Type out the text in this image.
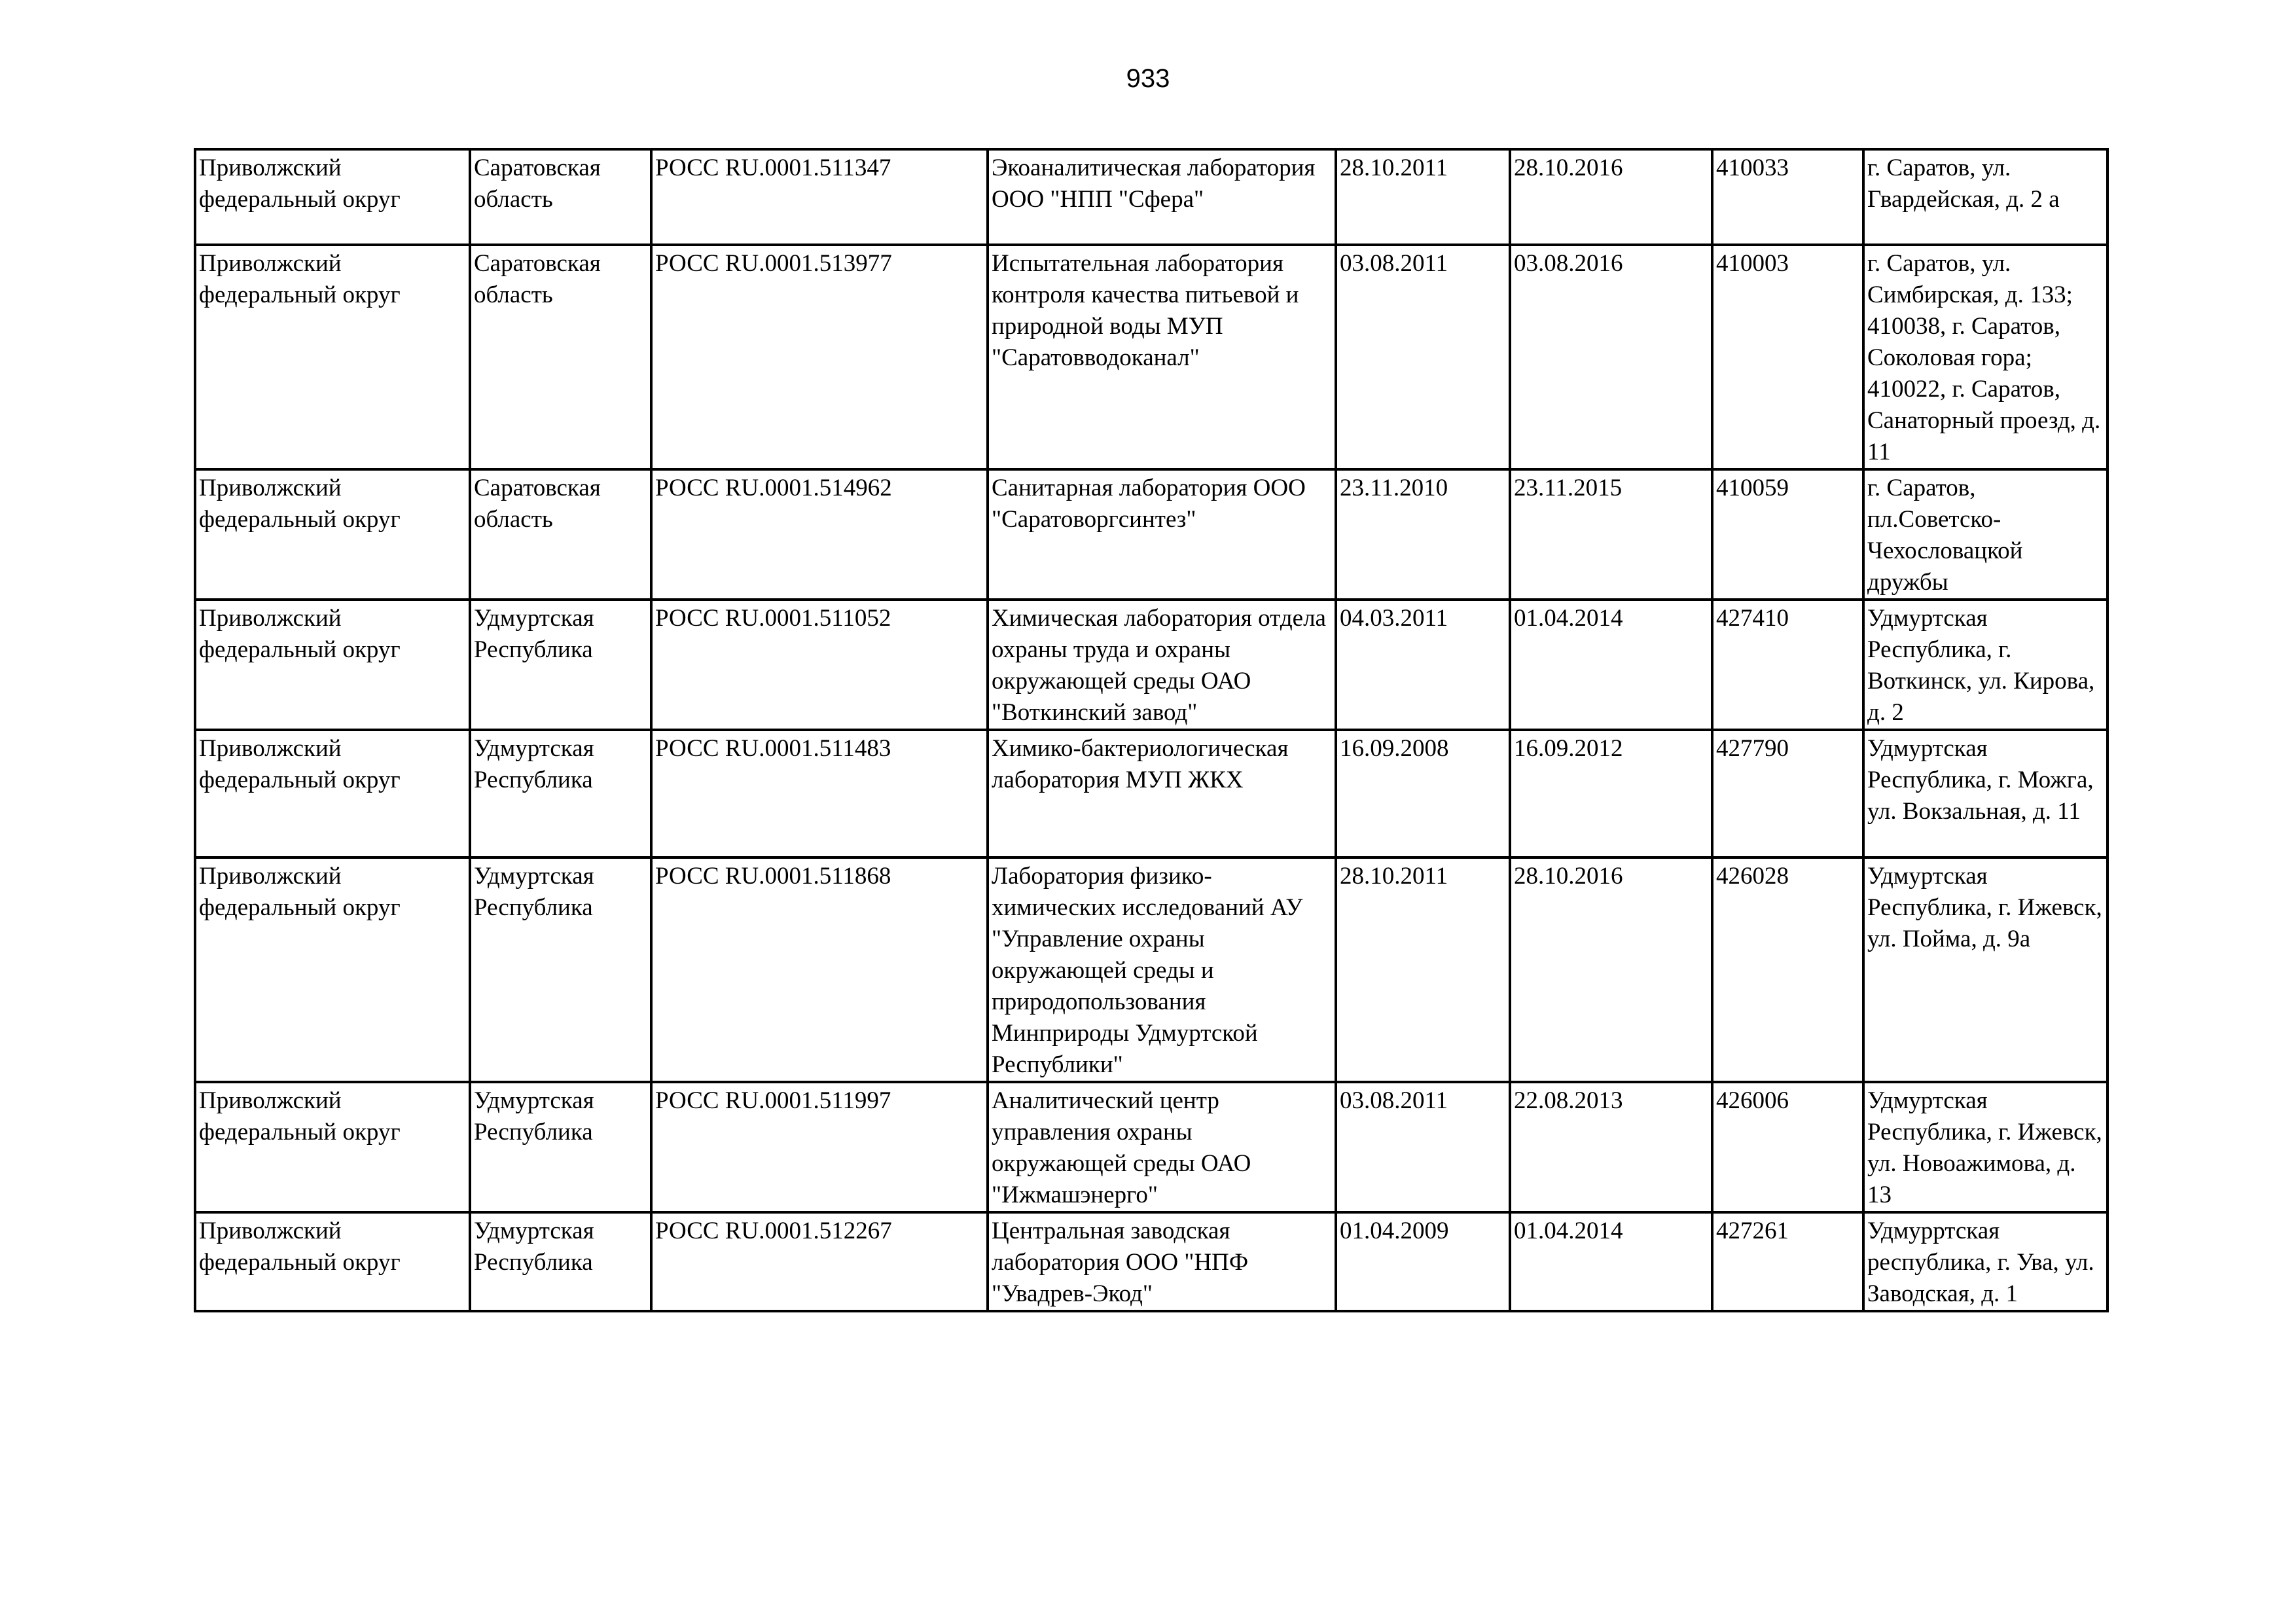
933
Приволжский федеральный округ	Саратовская область	РОСС RU.0001.511347	Экоаналитическая лаборатория ООО "НПП "Сфера"	28.10.2011	28.10.2016	410033	г. Саратов, ул. Гвардейская, д. 2 а
Приволжский федеральный округ	Саратовская область	РОСС RU.0001.513977	Испытательная лаборатория контроля качества питьевой и природной воды МУП "Саратовводоканал"	03.08.2011	03.08.2016	410003	г. Саратов, ул. Симбирская, д. 133; 410038, г. Саратов, Соколовая гора; 410022, г. Саратов, Санаторный проезд, д. 11
Приволжский федеральный округ	Саратовская область	РОСС RU.0001.514962	Санитарная лаборатория ООО "Саратоворгсинтез"	23.11.2010	23.11.2015	410059	г. Саратов, пл.Советско-Чехословацкой дружбы
Приволжский федеральный округ	Удмуртская Республика	РОСС RU.0001.511052	Химическая лаборатория отдела охраны труда и охраны окружающей среды ОАО "Воткинский завод"	04.03.2011	01.04.2014	427410	Удмуртская Республика, г. Воткинск, ул. Кирова, д. 2
Приволжский федеральный округ	Удмуртская Республика	РОСС RU.0001.511483	Химико-бактериологическая лаборатория МУП ЖКХ	16.09.2008	16.09.2012	427790	Удмуртская Республика, г. Можга, ул. Вокзальная, д. 11
Приволжский федеральный округ	Удмуртская Республика	РОСС RU.0001.511868	Лаборатория физико-химических исследований АУ "Управление охраны окружающей среды и природопользования Минприроды Удмуртской Республики"	28.10.2011	28.10.2016	426028	Удмуртская Республика, г. Ижевск, ул. Пойма, д. 9а
Приволжский федеральный округ	Удмуртская Республика	РОСС RU.0001.511997	Аналитический центр управления охраны окружающей среды ОАО "Ижмашэнерго"	03.08.2011	22.08.2013	426006	Удмуртская Республика, г. Ижевск, ул. Новоажимова, д. 13
Приволжский федеральный округ	Удмуртская Республика	РОСС RU.0001.512267	Центральная заводская лаборатория ООО "НПФ "Увадрев-Экод"	01.04.2009	01.04.2014	427261	Удмурртская республика, г. Ува, ул. Заводская, д. 1
